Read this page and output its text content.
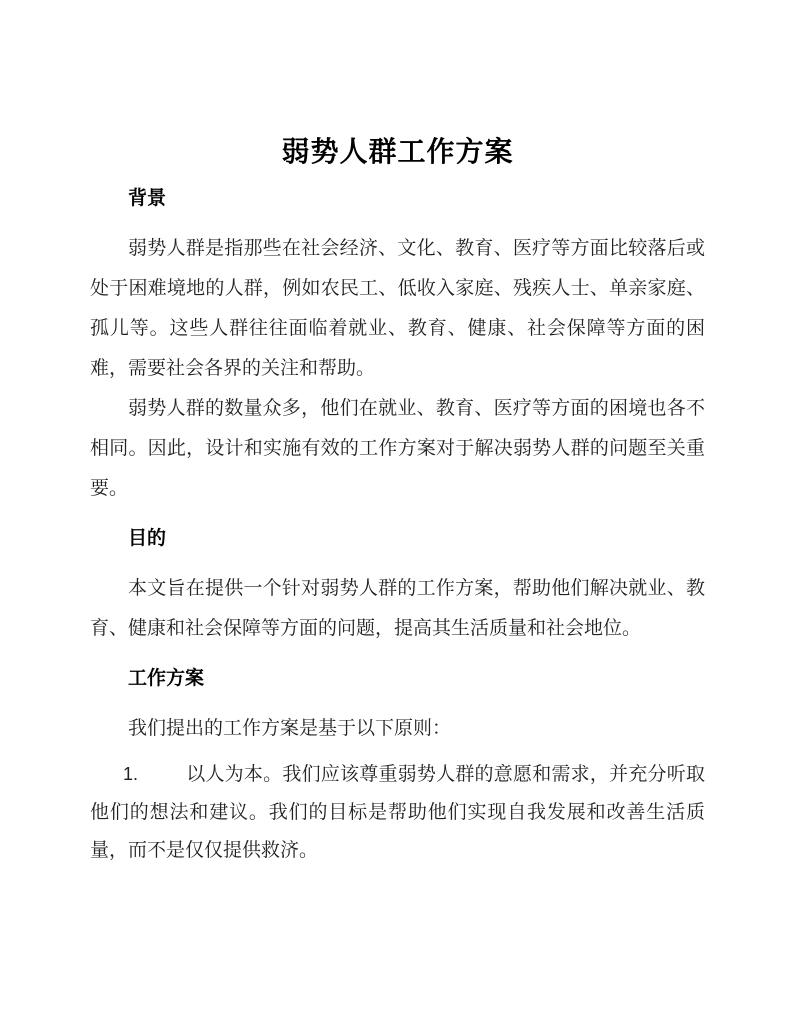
弱势人群工作方案
背景

弱势人群是指那些在社会经济、文化、教育、医疗等方面比较落后或处于困难境地的人群，例如农民工、低收入家庭、残疾人士、单亲家庭、孤儿等。这些人群往往面临着就业、教育、健康、社会保障等方面的困难，需要社会各界的关注和帮助。

弱势人群的数量众多，他们在就业、教育、医疗等方面的困境也各不相同。因此，设计和实施有效的工作方案对于解决弱势人群的问题至关重要。

目的

本文旨在提供一个针对弱势人群的工作方案，帮助他们解决就业、教育、健康和社会保障等方面的问题，提高其生活质量和社会地位。

工作方案

我们提出的工作方案是基于以下原则：

1.	以人为本。我们应该尊重弱势人群的意愿和需求，并充分听取他们的想法和建议。我们的目标是帮助他们实现自我发展和改善生活质量，而不是仅仅提供救济。
